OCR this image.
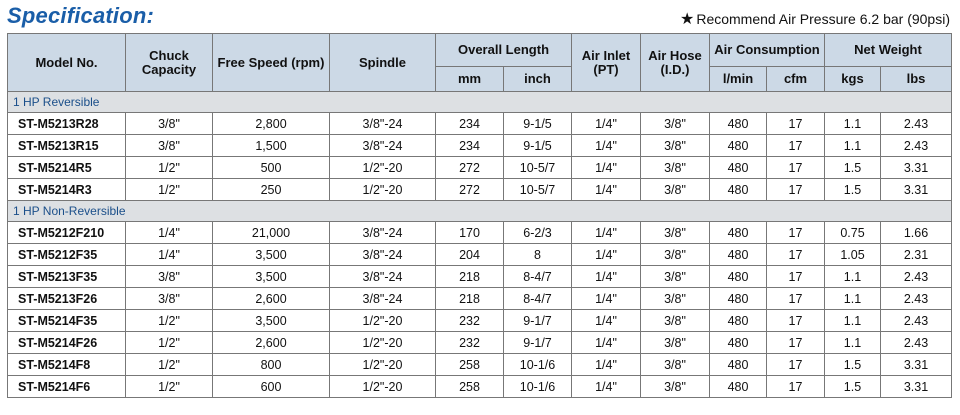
Specification:	★ Recommend Air Pressure 6.2 bar (90psi)
Model No.	Chuck Capacity	Free Speed (rpm)	Spindle	Overall Length		Air Inlet (PT)	Air Hose (I.D.)	Air Consumption		Net Weight	
				mm	inch			l/min	cfm	kgs	lbs
1 HP Reversible											
ST-M5213R28	3/8"	2,800	3/8"-24	234	9-1/5	1/4"	3/8"	480	17	1.1	2.43
ST-M5213R15	3/8"	1,500	3/8"-24	234	9-1/5	1/4"	3/8"	480	17	1.1	2.43
ST-M5214R5	1/2"	500	1/2"-20	272	10-5/7	1/4"	3/8"	480	17	1.5	3.31
ST-M5214R3	1/2"	250	1/2"-20	272	10-5/7	1/4"	3/8"	480	17	1.5	3.31
1 HP Non-Reversible											
ST-M5212F210	1/4"	21,000	3/8"-24	170	6-2/3	1/4"	3/8"	480	17	0.75	1.66
ST-M5212F35	1/4"	3,500	3/8"-24	204	8	1/4"	3/8"	480	17	1.05	2.31
ST-M5213F35	3/8"	3,500	3/8"-24	218	8-4/7	1/4"	3/8"	480	17	1.1	2.43
ST-M5213F26	3/8"	2,600	3/8"-24	218	8-4/7	1/4"	3/8"	480	17	1.1	2.43
ST-M5214F35	1/2"	3,500	1/2"-20	232	9-1/7	1/4"	3/8"	480	17	1.1	2.43
ST-M5214F26	1/2"	2,600	1/2"-20	232	9-1/7	1/4"	3/8"	480	17	1.1	2.43
ST-M5214F8	1/2"	800	1/2"-20	258	10-1/6	1/4"	3/8"	480	17	1.5	3.31
ST-M5214F6	1/2"	600	1/2"-20	258	10-1/6	1/4"	3/8"	480	17	1.5	3.31
